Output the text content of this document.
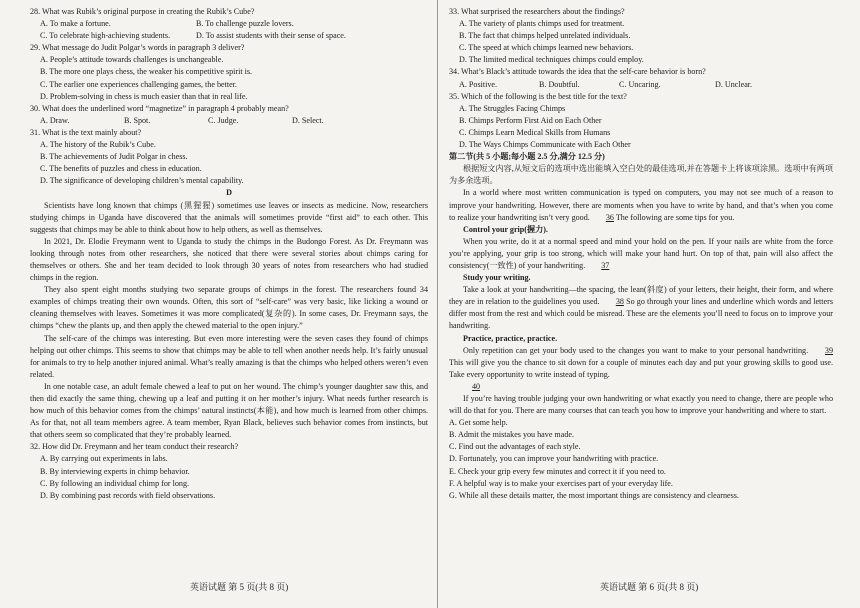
28. What was Rubik’s original purpose in creating the Rubik’s Cube?

A. To make a fortune.	B. To challenge puzzle lovers.
C. To celebrate high-achieving students.	D. To assist students with their sense of space.

29. What message do Judit Polgar’s words in paragraph 3 deliver?

A. People’s attitude towards challenges is unchangeable.

B. The more one plays chess, the weaker his competitive spirit is.

C. The earlier one experiences challenging games, the better.

D. Problem-solving in chess is much easier than that in real life.

30. What does the underlined word “magnetize” in paragraph 4 probably mean?

A. Draw.	B. Spot.	C. Judge.	D. Select.

31. What is the text mainly about?

A. The history of the Rubik’s Cube.

B. The achievements of Judit Polgar in chess.

C. The benefits of puzzles and chess in education.

D. The significance of developing children’s mental capability.

D

Scientists have long known that chimps (黑猩猩) sometimes use leaves or insects as medicine. Now, researchers studying chimps in Uganda have discovered that the animals will sometimes provide “first aid” to each other. This suggests that chimps may be able to think about how to help others, as well as themselves.

In 2021, Dr. Elodie Freymann went to Uganda to study the chimps in the Budongo Forest. As Dr. Freymann was looking through notes from other researchers, she noticed that there were several stories about chimps caring for themselves or others. She and her team decided to look through 30 years of notes from researchers who had studied chimps in the region.

They also spent eight months studying two separate groups of chimps in the forest. The researchers found 34 examples of chimps treating their own wounds. Often, this sort of “self-care” was very basic, like licking a wound or cleaning themselves with leaves. Sometimes it was more complicated(复杂的). In some cases, Dr. Freymann says, the chimps “chew the plants up, and then apply the chewed material to the open injury.”

The self-care of the chimps was interesting. But even more interesting were the seven cases they found of chimps helping out other chimps. This seems to show that chimps may be able to tell when another needs help. It’s fairly unusual for animals to try to help another injured animal. What’s really amazing is that the chimps who helped others weren’t even related.

In one notable case, an adult female chewed a leaf to put on her wound. The chimp’s younger daughter saw this, and then did exactly the same thing, chewing up a leaf and putting it on her mother’s injury. What needs further research is how much of this behavior comes from the chimps’ natural instincts(本能), and how much is learned from other chimps. As for that, not all team members agree. A team member, Ryan Black, believes such behavior comes from instincts, but that others seem so complicated that they’re probably learned.

32. How did Dr. Freymann and her team conduct their research?

A. By carrying out experiments in labs.

B. By interviewing experts in chimp behavior.

C. By following an individual chimp for long.

D. By combining past records with field observations.

33. What surprised the researchers about the findings?

A. The variety of plants chimps used for treatment.

B. The fact that chimps helped unrelated individuals.

C. The speed at which chimps learned new behaviors.

D. The limited medical techniques chimps could employ.

34. What’s Black’s attitude towards the idea that the self-care behavior is born?

A. Positive.	B. Doubtful.	C. Uncaring.	D. Unclear.

35. Which of the following is the best title for the text?

A. The Struggles Facing Chimps

B. Chimps Perform First Aid on Each Other

C. Chimps Learn Medical Skills from Humans

D. The Ways Chimps Communicate with Each Other

第二节(共 5 小题;每小题 2.5 分,满分 12.5 分)

根据短文内容,从短文后的选项中选出能填入空白处的最佳选项,并在答题卡上将该项涂黑。选项中有两项为多余选项。

In a world where most written communication is typed on computers, you may not see much of a reason to improve your handwriting. However, there are moments when you have to write by hand, and that’s when you come to realize your handwriting isn’t very good. 36 The following are some tips for you.

Control your grip(握力).

When you write, do it at a normal speed and mind your hold on the pen. If your nails are white from the force you’re applying, your grip is too strong, which will make your hand hurt. On top of that, pain will also affect the consistency(一致性) of your handwriting. 37

Study your writing.

Take a look at your handwriting—the spacing, the lean(斜度) of your letters, their height, their form, and where they are in relation to the guidelines you used. 38 So go through your lines and underline which words and letters differ most from the rest and which could be misread. These are the elements you’ll need to focus on to improve your handwriting.

Practice, practice, practice.

Only repetition can get your body used to the changes you want to make to your personal handwriting. 39 This will give you the chance to sit down for a couple of minutes each day and put your growing skills to good use. Take every opportunity to write instead of typing.

40

If you’re having trouble judging your own handwriting or what exactly you need to change, there are people who will do that for you. There are many courses that can teach you how to improve your handwriting and where to start.

A. Get some help.

B. Admit the mistakes you have made.

C. Find out the advantages of each style.

D. Fortunately, you can improve your handwriting with practice.

E. Check your grip every few minutes and correct it if you need to.

F. A helpful way is to make your exercises part of your everyday life.

G. While all these details matter, the most important things are consistency and clearness.

英语试题 第 5 页(共 8 页)	英语试题 第 6 页(共 8 页)
